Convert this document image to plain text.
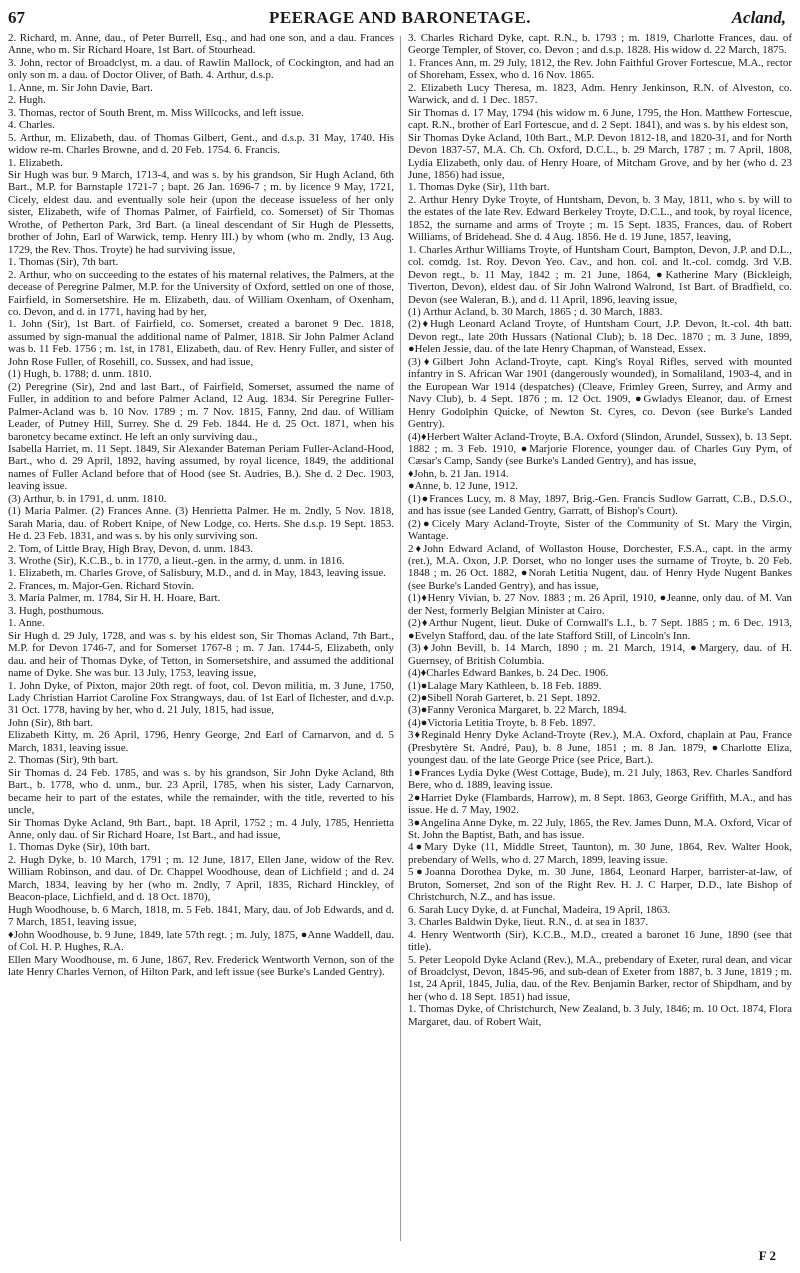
67	PEERAGE AND BARONETAGE.	Acland,

2. Richard, m. Anne, dau., of Peter Burrell, Esq., and had one son, and a dau. Frances Anne, who m. Sir Richard Hoare, 1st Bart. of Stourhead.

3. John, rector of Broadclyst, m. a dau. of Rawlin Mallock, of Cockington, and had an only son m. a dau. of Doctor Oliver, of Bath. 4. Arthur, d.s.p.

1. Anne, m. Sir John Davie, Bart.

2. Hugh.

3. Thomas, rector of South Brent, m. Miss Willcocks, and left issue.

4. Charles.

5. Arthur, m. Elizabeth, dau. of Thomas Gilbert, Gent., and d.s.p. 31 May, 1740. His widow re-m. Charles Browne, and d. 20 Feb. 1754. 6. Francis.

1. Elizabeth.

Sir Hugh was bur. 9 March, 1713-4, and was s. by his grandson, Sir Hugh Acland, 6th Bart., M.P. for Barnstaple 1721-7 ; bapt. 26 Jan. 1696-7 ; m. by licence 9 May, 1721, Cicely, eldest dau. and eventually sole heir (upon the decease issueless of her only sister, Elizabeth, wife of Thomas Palmer, of Fairfield, co. Somerset) of Sir Thomas Wrothe, of Petherton Park, 3rd Bart. (a lineal descendant of Sir Hugh de Plessetts, brother of John, Earl of Warwick, temp. Henry III.) by whom (who m. 2ndly, 13 Aug. 1729, the Rev. Thos. Troyte) he had surviving issue,

1. Thomas (Sir), 7th bart.

2. Arthur, who on succeeding to the estates of his maternal relatives, the Palmers, at the decease of Peregrine Palmer, M.P. for the University of Oxford, settled on one of those, Fairfield, in Somersetshire. He m. Elizabeth, dau. of William Oxenham, of Oxenham, co. Devon, and d. in 1771, having had by her,

1. John (Sir), 1st Bart. of Fairfield, co. Somerset, created a baronet 9 Dec. 1818, assumed by sign-manual the additional name of Palmer, 1818. Sir John Palmer Acland was b. 11 Feb. 1756 ; m. 1st, in 1781, Elizabeth, dau. of Rev. Henry Fuller, and sister of John Rose Fuller, of Rosehill, co. Sussex, and had issue,

(1) Hugh, b. 1788; d. unm. 1810.

(2) Peregrine (Sir), 2nd and last Bart., of Fairfield, Somerset, assumed the name of Fuller, in addition to and before Palmer Acland, 12 Aug. 1834. Sir Peregrine Fuller-Palmer-Acland was b. 10 Nov. 1789 ; m. 7 Nov. 1815, Fanny, 2nd dau. of William Leader, of Putney Hill, Surrey. She d. 29 Feb. 1844. He d. 25 Oct. 1871, when his baronetcy became extinct. He left an only surviving dau.,

Isabella Harriet, m. 11 Sept. 1849, Sir Alexander Bateman Periam Fuller-Acland-Hood, Bart., who d. 29 April, 1892, having assumed, by royal licence, 1849, the additional names of Fuller Acland before that of Hood (see St. Audries, B.). She d. 2 Dec. 1903, leaving issue.

(3) Arthur, b. in 1791, d. unm. 1810.

(1) Maria Palmer. (2) Frances Anne. (3) Henrietta Palmer. He m. 2ndly, 5 Nov. 1818, Sarah Maria, dau. of Robert Knipe, of New Lodge, co. Herts. She d.s.p. 19 Sept. 1853. He d. 23 Feb. 1831, and was s. by his only surviving son.

2. Tom, of Little Bray, High Bray, Devon, d. unm. 1843.

3. Wrothe (Sir), K.C.B., b. in 1770, a lieut.-gen. in the army, d. unm. in 1816.

1. Elizabeth, m. Charles Grove, of Salisbury, M.D., and d. in May, 1843, leaving issue.

2. Frances, m. Major-Gen. Richard Stovin.

3. Maria Palmer, m. 1784, Sir H. H. Hoare, Bart.

3. Hugh, posthumous.

1. Anne.

Sir Hugh d. 29 July, 1728, and was s. by his eldest son, Sir Thomas Acland, 7th Bart., M.P. for Devon 1746-7, and for Somerset 1767-8 ; m. 7 Jan. 1744-5, Elizabeth, only dau. and heir of Thomas Dyke, of Tetton, in Somersetshire, and assumed the additional name of Dyke. She was bur. 13 July, 1753, leaving issue,

1. John Dyke, of Pixton, major 20th regt. of foot, col. Devon militia, m. 3 June, 1750, Lady Christian Harriot Caroline Fox Strangways, dau. of 1st Earl of Ilchester, and d.v.p. 31 Oct. 1778, having by her, who d. 21 July, 1815, had issue,

John (Sir), 8th bart.

Elizabeth Kitty, m. 26 April, 1796, Henry George, 2nd Earl of Carnarvon, and d. 5 March, 1831, leaving issue.

2. Thomas (Sir), 9th bart.

Sir Thomas d. 24 Feb. 1785, and was s. by his grandson, Sir John Dyke Acland, 8th Bart., b. 1778, who d. unm., bur. 23 April, 1785, when his sister, Lady Carnarvon, became heir to part of the estates, while the remainder, with the title, reverted to his uncle,

Sir Thomas Dyke Acland, 9th Bart., bapt. 18 April, 1752 ; m. 4 July, 1785, Henrietta Anne, only dau. of Sir Richard Hoare, 1st Bart., and had issue,

1. Thomas Dyke (Sir), 10th bart.

2. Hugh Dyke, b. 10 March, 1791 ; m. 12 June, 1817, Ellen Jane, widow of the Rev. William Robinson, and dau. of Dr. Chappel Woodhouse, dean of Lichfield ; and d. 24 March, 1834, leaving by her (who m. 2ndly, 7 April, 1835, Richard Hinckley, of Beacon-place, Lichfield, and d. 18 Oct. 1870),

Hugh Woodhouse, b. 6 March, 1818, m. 5 Feb. 1841, Mary, dau. of Job Edwards, and d. 7 March, 1851, leaving issue,

♦John Woodhouse, b. 9 June, 1849, late 57th regt. ; m. July, 1875, ●Anne Waddell, dau. of Col. H. P. Hughes, R.A.

Ellen Mary Woodhouse, m. 6 June, 1867, Rev. Frederick Wentworth Vernon, son of the late Henry Charles Vernon, of Hilton Park, and left issue (see Burke's Landed Gentry).

3. Charles Richard Dyke, capt. R.N., b. 1793 ; m. 1819, Charlotte Frances, dau. of George Templer, of Stover, co. Devon ; and d.s.p. 1828. His widow d. 22 March, 1875.

1. Frances Ann, m. 29 July, 1812, the Rev. John Faithful Grover Fortescue, M.A., rector of Shoreham, Essex, who d. 16 Nov. 1865.

2. Elizabeth Lucy Theresa, m. 1823, Adm. Henry Jenkinson, R.N. of Alveston, co. Warwick, and d. 1 Dec. 1857.

Sir Thomas d. 17 May, 1794 (his widow m. 6 June, 1795, the Hon. Matthew Fortescue, capt. R.N., brother of Earl Fortescue, and d. 2 Sept. 1841), and was s. by his eldest son,

Sir Thomas Dyke Acland, 10th Bart., M.P. Devon 1812-18, and 1820-31, and for North Devon 1837-57, M.A. Ch. Ch. Oxford, D.C.L., b. 29 March, 1787 ; m. 7 April, 1808, Lydia Elizabeth, only dau. of Henry Hoare, of Mitcham Grove, and by her (who d. 23 June, 1856) had issue,

1. Thomas Dyke (Sir), 11th bart.

2. Arthur Henry Dyke Troyte, of Huntsham, Devon, b. 3 May, 1811, who s. by will to the estates of the late Rev. Edward Berkeley Troyte, D.C.L., and took, by royal licence, 1852, the surname and arms of Troyte ; m. 15 Sept. 1835, Frances, dau. of Robert Williams, of Bridehead. She d. 4 Aug. 1856. He d. 19 June, 1857, leaving,

1. Charles Arthur Williams Troyte, of Huntsham Court, Bampton, Devon, J.P. and D.L., col. comdg. 1st. Roy. Devon Yeo. Cav., and hon. col. and lt.-col. comdg. 3rd V.B. Devon regt., b. 11 May, 1842 ; m. 21 June, 1864, ●Katherine Mary (Bickleigh, Tiverton, Devon), eldest dau. of Sir John Walrond Walrond, 1st Bart. of Bradfield, co. Devon (see Waleran, B.), and d. 11 April, 1896, leaving issue,

(1) Arthur Acland, b. 30 March, 1865 ; d. 30 March, 1883.

(2)♦Hugh Leonard Acland Troyte, of Huntsham Court, J.P. Devon, lt.-col. 4th batt. Devon regt., late 20th Hussars (National Club); b. 18 Dec. 1870 ; m. 3 June, 1899, ●Helen Jessie, dau. of the late Henry Chapman, of Wanstead, Essex.

(3)♦Gilbert John Acland-Troyte, capt. King's Royal Rifles, served with mounted infantry in S. African War 1901 (dangerously wounded), in Somaliland, 1903-4, and in the European War 1914 (despatches) (Cleave, Frimley Green, Surrey, and Army and Navy Club), b. 4 Sept. 1876 ; m. 12 Oct. 1909, ●Gwladys Eleanor, dau. of Ernest Henry Godolphin Quicke, of Newton St. Cyres, co. Devon (see Burke's Landed Gentry).

(4)♦Herbert Walter Acland-Troyte, B.A. Oxford (Slindon, Arundel, Sussex), b. 13 Sept. 1882 ; m. 3 Feb. 1910, ●Marjorie Florence, younger dau. of Charles Guy Pym, of Cæsar's Camp, Sandy (see Burke's Landed Gentry), and has issue,

♦John, b. 21 Jan. 1914.

●Anne, b. 12 June, 1912.

(1)●Frances Lucy, m. 8 May, 1897, Brig.-Gen. Francis Sudlow Garratt, C.B., D.S.O., and has issue (see Landed Gentry, Garratt, of Bishop's Court).

(2)●Cicely Mary Acland-Troyte, Sister of the Community of St. Mary the Virgin, Wantage.

2♦John Edward Acland, of Wollaston House, Dorchester, F.S.A., capt. in the army (ret.), M.A. Oxon, J.P. Dorset, who no longer uses the surname of Troyte, b. 20 Feb. 1848 ; m. 26 Oct. 1882, ●Norah Letitia Nugent, dau. of Henry Hyde Nugent Bankes (see Burke's Landed Gentry), and has issue,

(1)♦Henry Vivian, b. 27 Nov. 1883 ; m. 26 April, 1910, ●Jeanne, only dau. of M. Van der Nest, formerly Belgian Minister at Cairo.

(2)♦Arthur Nugent, lieut. Duke of Cornwall's L.I., b. 7 Sept. 1885 ; m. 6 Dec. 1913, ●Evelyn Stafford, dau. of the late Stafford Still, of Lincoln's Inn.

(3)♦John Bevill, b. 14 March, 1890 ; m. 21 March, 1914, ●Margery, dau. of H. Guernsey, of British Columbia.

(4)♦Charles Edward Bankes, b. 24 Dec. 1906.

(1)●Lalage Mary Kathleen, b. 18 Feb. 1889.

(2)●Sibell Norah Garteret, b. 21 Sept. 1892.

(3)●Fanny Veronica Margaret, b. 22 March, 1894.

(4)●Victoria Letitia Troyte, b. 8 Feb. 1897.

3♦Reginald Henry Dyke Acland-Troyte (Rev.), M.A. Oxford, chaplain at Pau, France (Presbytère St. André, Pau), b. 8 June, 1851 ; m. 8 Jan. 1879, ●Charlotte Eliza, youngest dau. of the late George Price (see Price, Bart.).

1●Frances Lydia Dyke (West Cottage, Bude), m. 21 July, 1863, Rev. Charles Sandford Bere, who d. 1889, leaving issue.

2●Harriet Dyke (Flambards, Harrow), m. 8 Sept. 1863, George Griffith, M.A., and has issue. He d. 7 May, 1902.

3●Angelina Anne Dyke, m. 22 July, 1865, the Rev. James Dunn, M.A. Oxford, Vicar of St. John the Baptist, Bath, and has issue.

4●Mary Dyke (11, Middle Street, Taunton), m. 30 June, 1864, Rev. Walter Hook, prebendary of Wells, who d. 27 March, 1899, leaving issue.

5●Joanna Dorothea Dyke, m. 30 June, 1864, Leonard Harper, barrister-at-law, of Bruton, Somerset, 2nd son of the Right Rev. H. J. C Harper, D.D., late Bishop of Christchurch, N.Z., and has issue.

6. Sarah Lucy Dyke, d. at Funchal, Madeira, 19 April, 1863.

3. Charles Baldwin Dyke, lieut. R.N., d. at sea in 1837.

4. Henry Wentworth (Sir), K.C.B., M.D., created a baronet 16 June, 1890 (see that title).

5. Peter Leopold Dyke Acland (Rev.), M.A., prebendary of Exeter, rural dean, and vicar of Broadclyst, Devon, 1845-96, and sub-dean of Exeter from 1887, b. 3 June, 1819 ; m. 1st, 24 April, 1845, Julia, dau. of the Rev. Benjamin Barker, rector of Shipdham, and by her (who d. 18 Sept. 1851) had issue,

1. Thomas Dyke, of Christchurch, New Zealand, b. 3 July, 1846; m. 10 Oct. 1874, Flora Margaret, dau. of Robert Wait,

F 2
